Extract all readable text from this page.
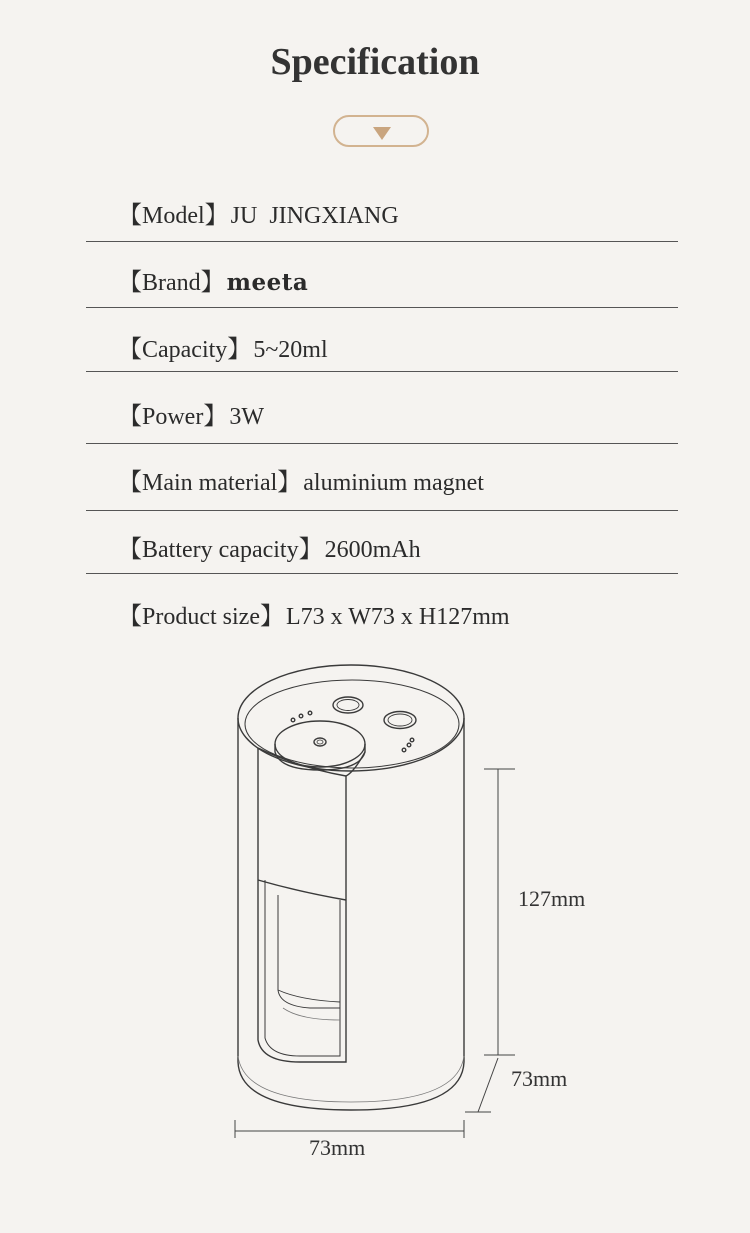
Specification
【Model】JU  JINGXIANG
【Brand】meeta
【Capacity】5~20ml
【Power】3W
【Main material】aluminium magnet
【Battery capacity】2600mAh
【Product size】L73 x W73 x H127mm
127mm
73mm
73mm
